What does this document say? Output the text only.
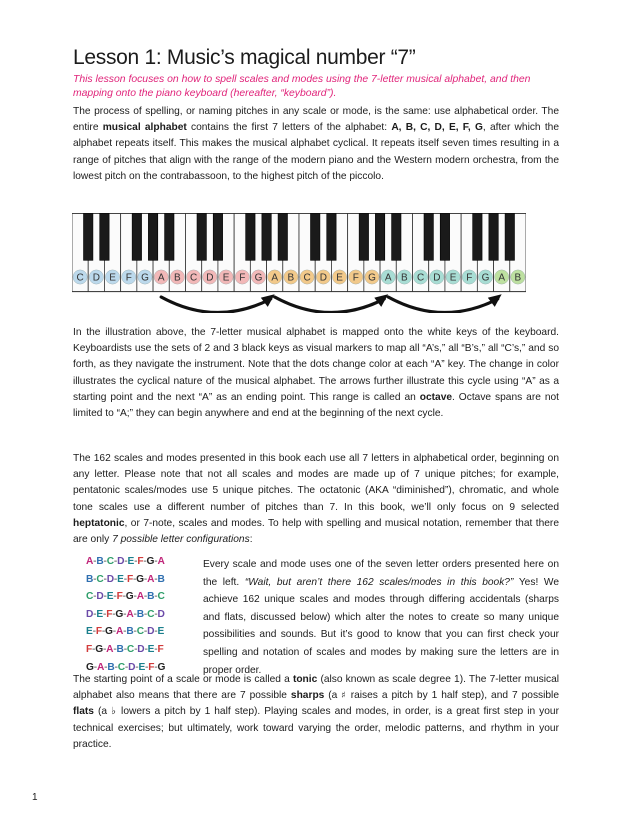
Lesson 1: Music’s magical number “7”
This lesson focuses on how to spell scales and modes using the 7-letter musical alphabet, and then mapping onto the piano keyboard (hereafter, “keyboard”).
The process of spelling, or naming pitches in any scale or mode, is the same: use alphabetical order. The entire musical alphabet contains the first 7 letters of the alphabet: A, B, C, D, E, F, G, after which the alphabet repeats itself. This makes the musical alphabet cyclical. It repeats itself seven times resulting in a range of pitches that align with the range of the modern piano and the Western modern orchestra, from the lowest pitch on the contrabassoon, to the highest pitch of the piccolo.
C D E F G A B C D E F G A B C D E F G A B C D E F G A B
In the illustration above, the 7-letter musical alphabet is mapped onto the white keys of the keyboard. Keyboardists use the sets of 2 and 3 black keys as visual markers to map all “A’s,” all “B’s,” all “C’s,” and so forth, as they navigate the instrument. Note that the dots change color at each “A” key. The change in color illustrates the cyclical nature of the musical alphabet. The arrows further illustrate this cycle using “A” as a starting point and the next “A” as an ending point. This range is called an octave. Octave spans are not limited to “A;” they can begin anywhere and end at the beginning of the next cycle.
The 162 scales and modes presented in this book each use all 7 letters in alphabetical order, beginning on any letter. Please note that not all scales and modes are made up of 7 unique pitches; for example, pentatonic scales/modes use 5 unique pitches. The octatonic (AKA “diminished”), chromatic, and whole tone scales use a different number of pitches than 7. In this book, we’ll only focus on 9 selected heptatonic, or 7-note, scales and modes. To help with spelling and musical notation, remember that there are only 7 possible letter configurations:
A-B-C-D-E-F-G-A
B-C-D-E-F-G-A-B
C-D-E-F-G-A-B-C
D-E-F-G-A-B-C-D
E-F-G-A-B-C-D-E
F-G-A-B-C-D-E-F
G-A-B-C-D-E-F-G
Every scale and mode uses one of the seven letter orders presented here on the left. “Wait, but aren’t there 162 scales/modes in this book?” Yes! We achieve 162 unique scales and modes through differing accidentals (sharps and flats, discussed below) which alter the notes to create so many unique possibilities and sounds. But it’s good to know that you can first check your spelling and notation of scales and modes by making sure the letters are in proper order.
The starting point of a scale or mode is called a tonic (also known as scale degree 1). The 7-letter musical alphabet also means that there are 7 possible sharps (a ♯ raises a pitch by 1 half step), and 7 possible flats (a ♭ lowers a pitch by 1 half step). Playing scales and modes, in order, is a great first step in your technical exercises; but ultimately, work toward varying the order, melodic patterns, and rhythm in your practice.
1
